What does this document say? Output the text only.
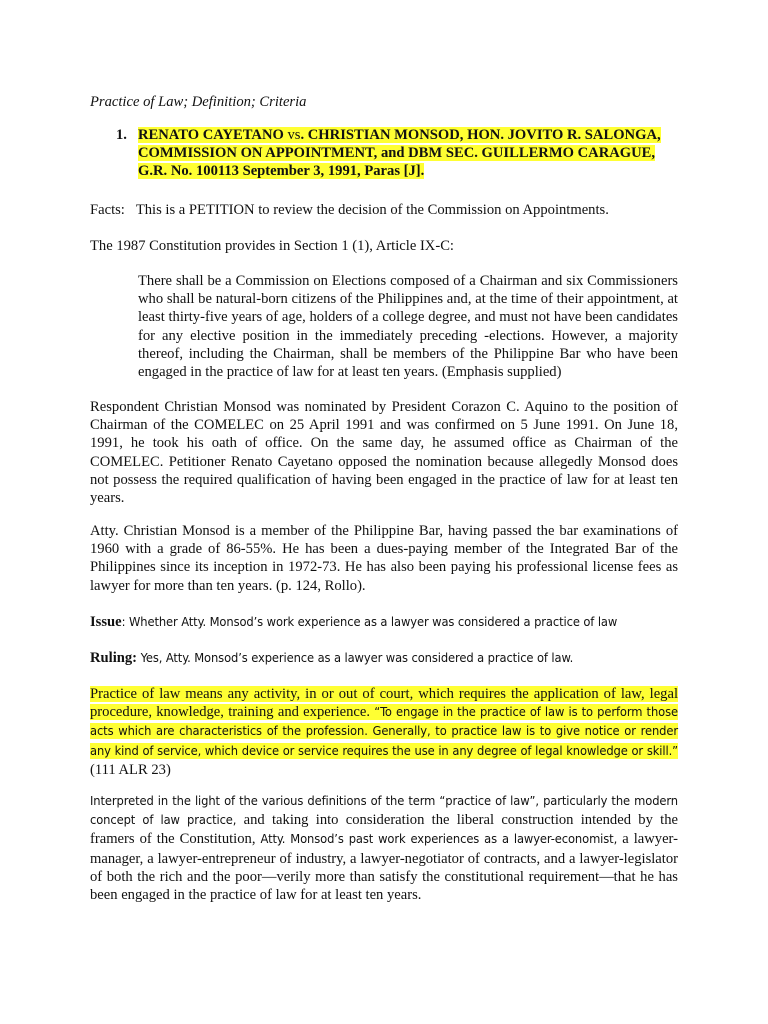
Practice of Law; Definition; Criteria

1. RENATO CAYETANO vs. CHRISTIAN MONSOD, HON. JOVITO R. SALONGA, COMMISSION ON APPOINTMENT, and DBM SEC. GUILLERMO CARAGUE, G.R. No. 100113 September 3, 1991, Paras [J].

Facts: This is a PETITION to review the decision of the Commission on Appointments.

The 1987 Constitution provides in Section 1 (1), Article IX-C:

There shall be a Commission on Elections composed of a Chairman and six Commissioners who shall be natural-born citizens of the Philippines and, at the time of their appointment, at least thirty-five years of age, holders of a college degree, and must not have been candidates for any elective position in the immediately preceding -elections. However, a majority thereof, including the Chairman, shall be members of the Philippine Bar who have been engaged in the practice of law for at least ten years. (Emphasis supplied)

Respondent Christian Monsod was nominated by President Corazon C. Aquino to the position of Chairman of the COMELEC on 25 April 1991 and was confirmed on 5 June 1991. On June 18, 1991, he took his oath of office. On the same day, he assumed office as Chairman of the COMELEC. Petitioner Renato Cayetano opposed the nomination because allegedly Monsod does not possess the required qualification of having been engaged in the practice of law for at least ten years.

Atty. Christian Monsod is a member of the Philippine Bar, having passed the bar examinations of 1960 with a grade of 86-55%. He has been a dues-paying member of the Integrated Bar of the Philippines since its inception in 1972-73. He has also been paying his professional license fees as lawyer for more than ten years. (p. 124, Rollo).

Issue: Whether Atty. Monsod’s work experience as a lawyer was considered a practice of law

Ruling: Yes, Atty. Monsod’s experience as a lawyer was considered a practice of law.

Practice of law means any activity, in or out of court, which requires the application of law, legal procedure, knowledge, training and experience. “To engage in the practice of law is to perform those acts which are characteristics of the profession. Generally, to practice law is to give notice or render any kind of service, which device or service requires the use in any degree of legal knowledge or skill.” (111 ALR 23)

Interpreted in the light of the various definitions of the term “practice of law”, particularly the modern concept of law practice, and taking into consideration the liberal construction intended by the framers of the Constitution, Atty. Monsod’s past work experiences as a lawyer-economist, a lawyer-manager, a lawyer-entrepreneur of industry, a lawyer-negotiator of contracts, and a lawyer-legislator of both the rich and the poor—verily more than satisfy the constitutional requirement—that he has been engaged in the practice of law for at least ten years.
